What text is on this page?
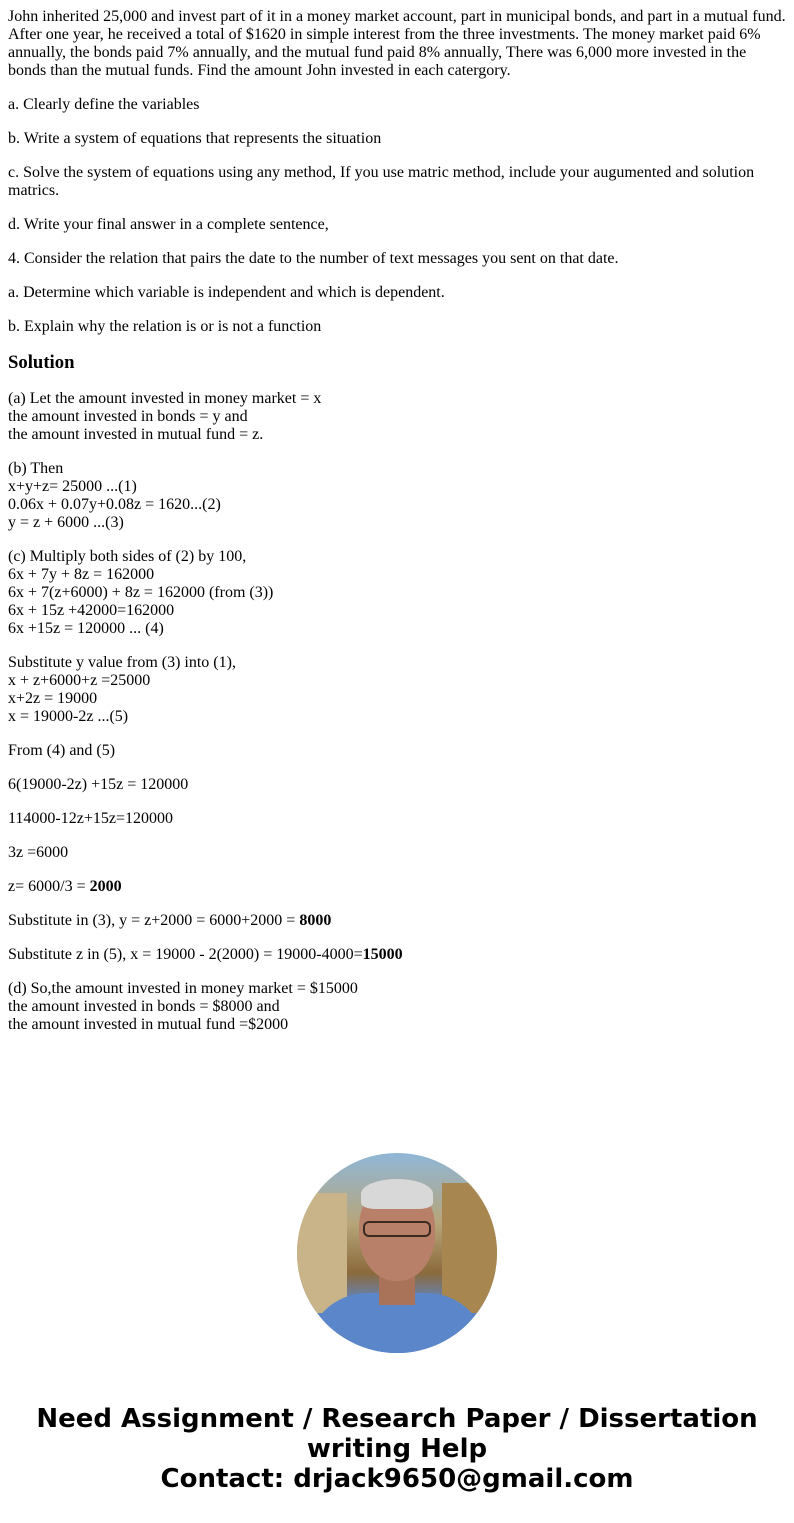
John inherited 25,000 and invest part of it in a money market account, part in municipal bonds, and part in a mutual fund. After one year, he received a total of $1620 in simple interest from the three investments. The money market paid 6% annually, the bonds paid 7% annually, and the mutual fund paid 8% annually, There was 6,000 more invested in the bonds than the mutual funds. Find the amount John invested in each catergory.

a. Clearly define the variables

b. Write a system of equations that represents the situation

c. Solve the system of equations using any method, If you use matric method, include your augumented and solution matrics.

d. Write your final answer in a complete sentence,

4. Consider the relation that pairs the date to the number of text messages you sent on that date.

a. Determine which variable is independent and which is dependent.

b. Explain why the relation is or is not a function

Solution

(a) Let the amount invested in money market = x
the amount invested in bonds = y and
the amount invested in mutual fund = z.

(b) Then
x+y+z= 25000 ...(1)
0.06x + 0.07y+0.08z = 1620...(2)
y = z + 6000 ...(3)

(c) Multiply both sides of (2) by 100,
6x + 7y + 8z = 162000
6x + 7(z+6000) + 8z = 162000 (from (3))
6x + 15z +42000=162000
6x +15z = 120000 ... (4)

Substitute y value from (3) into (1),
x + z+6000+z =25000
x+2z = 19000
x = 19000-2z ...(5)

From (4) and (5)

6(19000-2z) +15z = 120000

114000-12z+15z=120000

3z =6000

z= 6000/3 = 2000

Substitute in (3), y = z+2000 = 6000+2000 = 8000

Substitute z in (5), x = 19000 - 2(2000) = 19000-4000=15000

(d) So,the amount invested in money market = $15000
the amount invested in bonds = $8000 and
the amount invested in mutual fund =$2000

Need Assignment / Research Paper / Dissertation
writing Help
Contact: drjack9650@gmail.com
